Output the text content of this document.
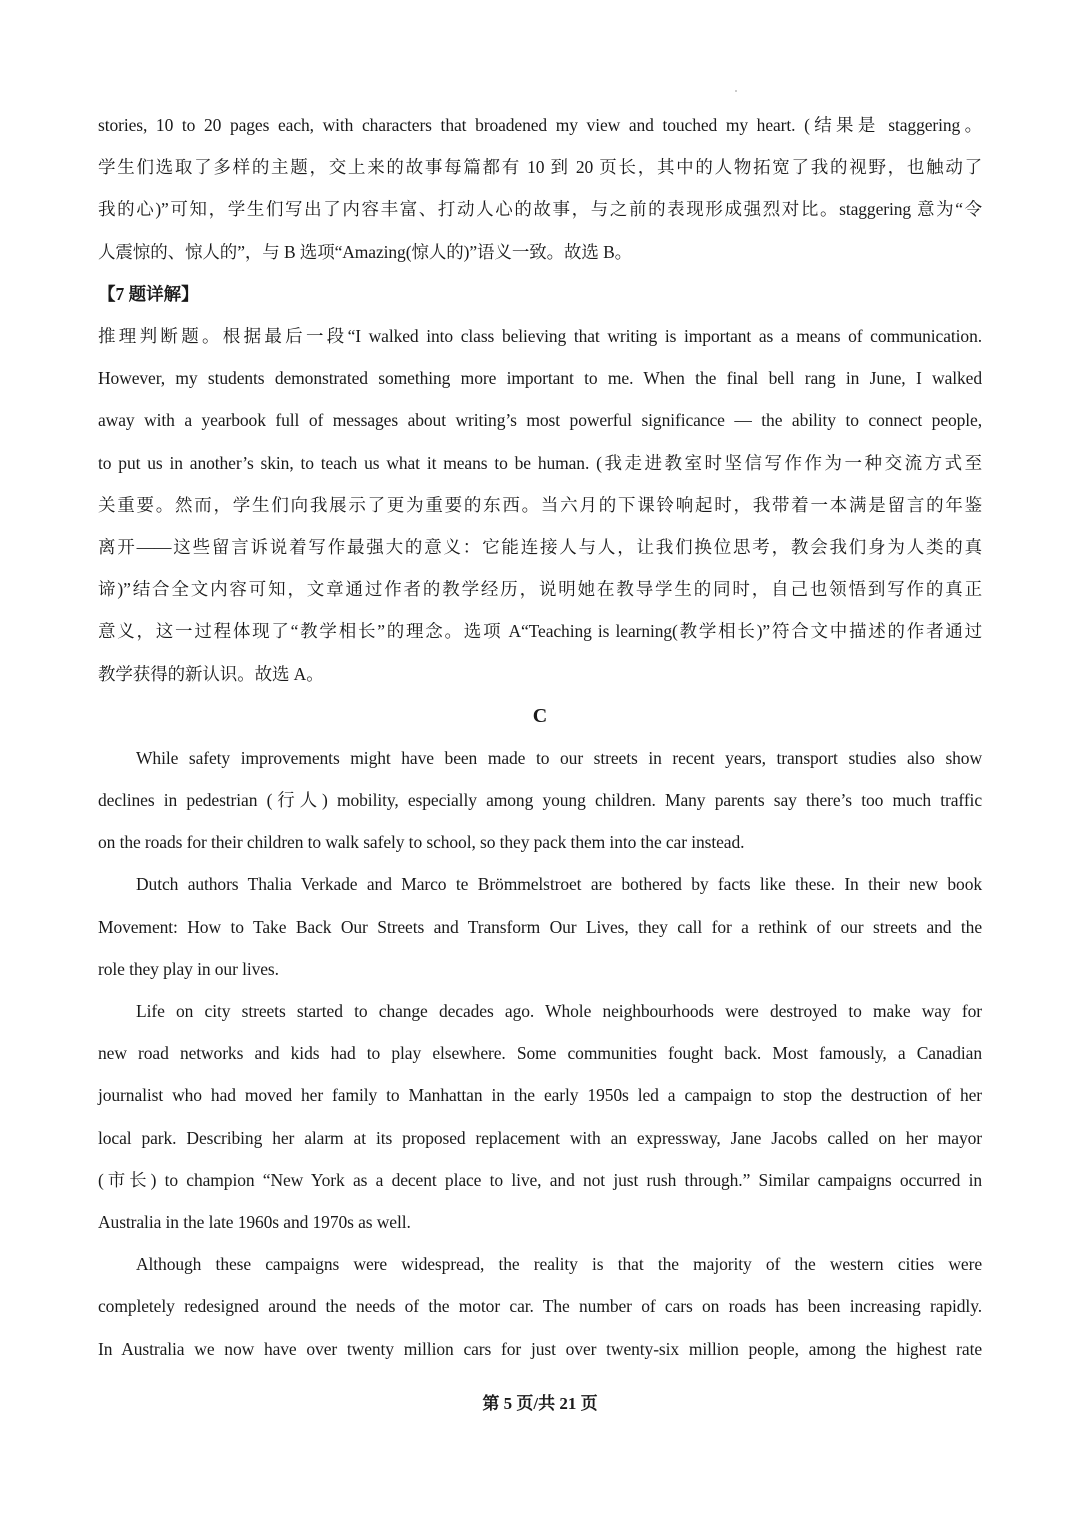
stories, 10 to 20 pages each, with characters that broadened my view and touched my heart. (结果是 staggering。
学生们选取了多样的主题，交上来的故事每篇都有 10 到 20 页长，其中的人物拓宽了我的视野，也触动了
我的心)”可知，学生们写出了内容丰富、打动人心的故事，与之前的表现形成强烈对比。staggering 意为“令
人震惊的、惊人的”，与 B 选项“Amazing(惊人的)”语义一致。故选 B。
【7 题详解】
推理判断题。根据最后一段“I walked into class believing that writing is important as a means of communication.
However, my students demonstrated something more important to me. When the final bell rang in June, I walked
away with a yearbook full of messages about writing’s most powerful significance — the ability to connect people,
to put us in another’s skin, to teach us what it means to be human. (我走进教室时坚信写作作为一种交流方式至
关重要。然而，学生们向我展示了更为重要的东西。当六月的下课铃响起时，我带着一本满是留言的年鉴
离开——这些留言诉说着写作最强大的意义：它能连接人与人，让我们换位思考，教会我们身为人类的真
谛)”结合全文内容可知，文章通过作者的教学经历，说明她在教导学生的同时，自己也领悟到写作的真正
意义，这一过程体现了“教学相长”的理念。选项 A“Teaching is learning(教学相长)”符合文中描述的作者通过
教学获得的新认识。故选 A。
C
While safety improvements might have been made to our streets in recent years, transport studies also show
declines in pedestrian (行人) mobility, especially among young children. Many parents say there’s too much traffic
on the roads for their children to walk safely to school, so they pack them into the car instead.
Dutch authors Thalia Verkade and Marco te Brömmelstroet are bothered by facts like these. In their new book
Movement: How to Take Back Our Streets and Transform Our Lives, they call for a rethink of our streets and the
role they play in our lives.
Life on city streets started to change decades ago. Whole neighbourhoods were destroyed to make way for
new road networks and kids had to play elsewhere. Some communities fought back. Most famously, a Canadian
journalist who had moved her family to Manhattan in the early 1950s led a campaign to stop the destruction of her
local park. Describing her alarm at its proposed replacement with an expressway, Jane Jacobs called on her mayor
(市长) to champion “New York as a decent place to live, and not just rush through.” Similar campaigns occurred in
Australia in the late 1960s and 1970s as well.
Although these campaigns were widespread, the reality is that the majority of the western cities were
completely redesigned around the needs of the motor car. The number of cars on roads has been increasing rapidly.
In Australia we now have over twenty million cars for just over twenty-six million people, among the highest rate
第 5 页/共 21 页
